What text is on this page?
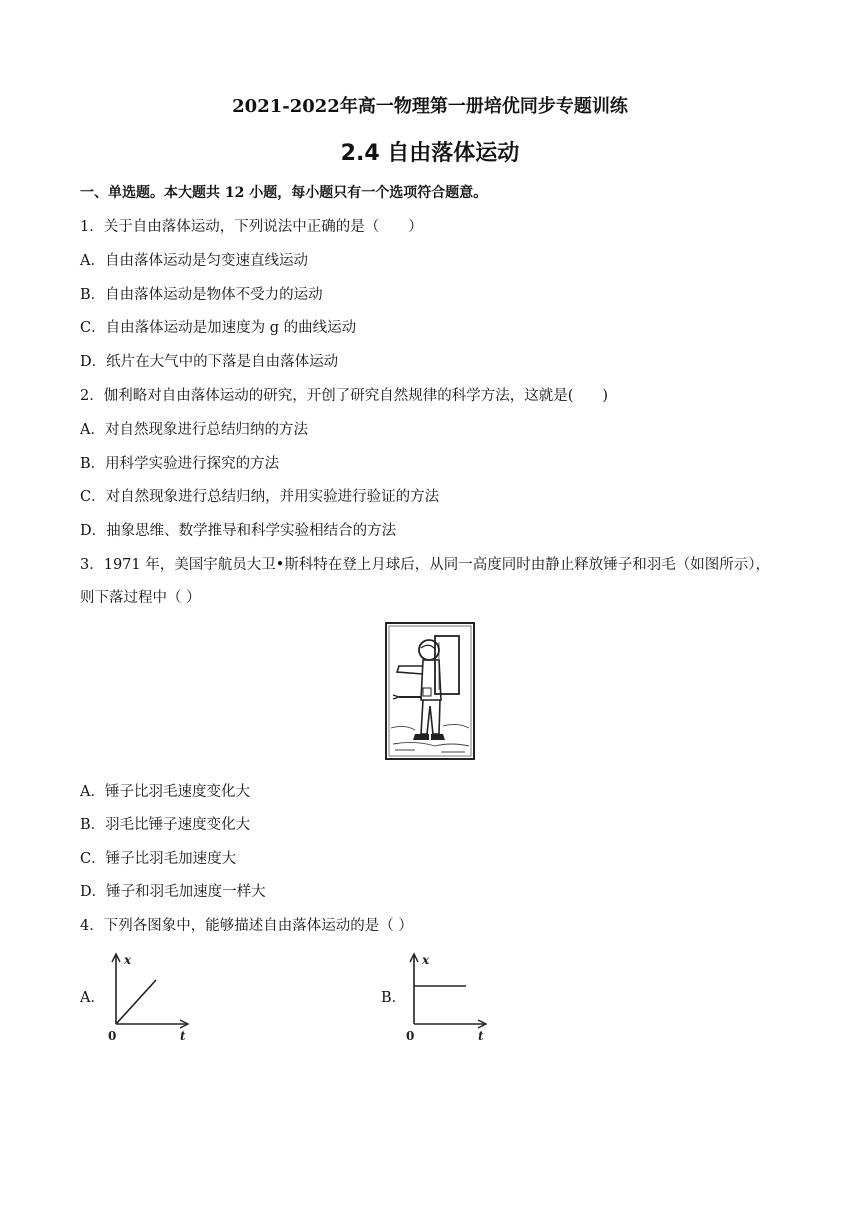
2021-2022年高一物理第一册培优同步专题训练
2.4 自由落体运动
一、单选题。本大题共 12 小题，每小题只有一个选项符合题意。
1．关于自由落体运动，下列说法中正确的是（　　）
A．自由落体运动是匀变速直线运动
B．自由落体运动是物体不受力的运动
C．自由落体运动是加速度为 g 的曲线运动
D．纸片在大气中的下落是自由落体运动
2．伽利略对自由落体运动的研究，开创了研究自然规律的科学方法，这就是(　　)
A．对自然现象进行总结归纳的方法
B．用科学实验进行探究的方法
C．对自然现象进行总结归纳，并用实验进行验证的方法
D．抽象思维、数学推导和科学实验相结合的方法
3．1971 年，美国宇航员大卫•斯科特在登上月球后，从同一高度同时由静止释放锤子和羽毛（如图所示），
则下落过程中（ ）
A．锤子比羽毛速度变化大
B．羽毛比锤子速度变化大
C．锤子比羽毛加速度大
D．锤子和羽毛加速度一样大
4．下列各图象中，能够描述自由落体运动的是（ ）
A．
x
t
0
B．
x
t
0
